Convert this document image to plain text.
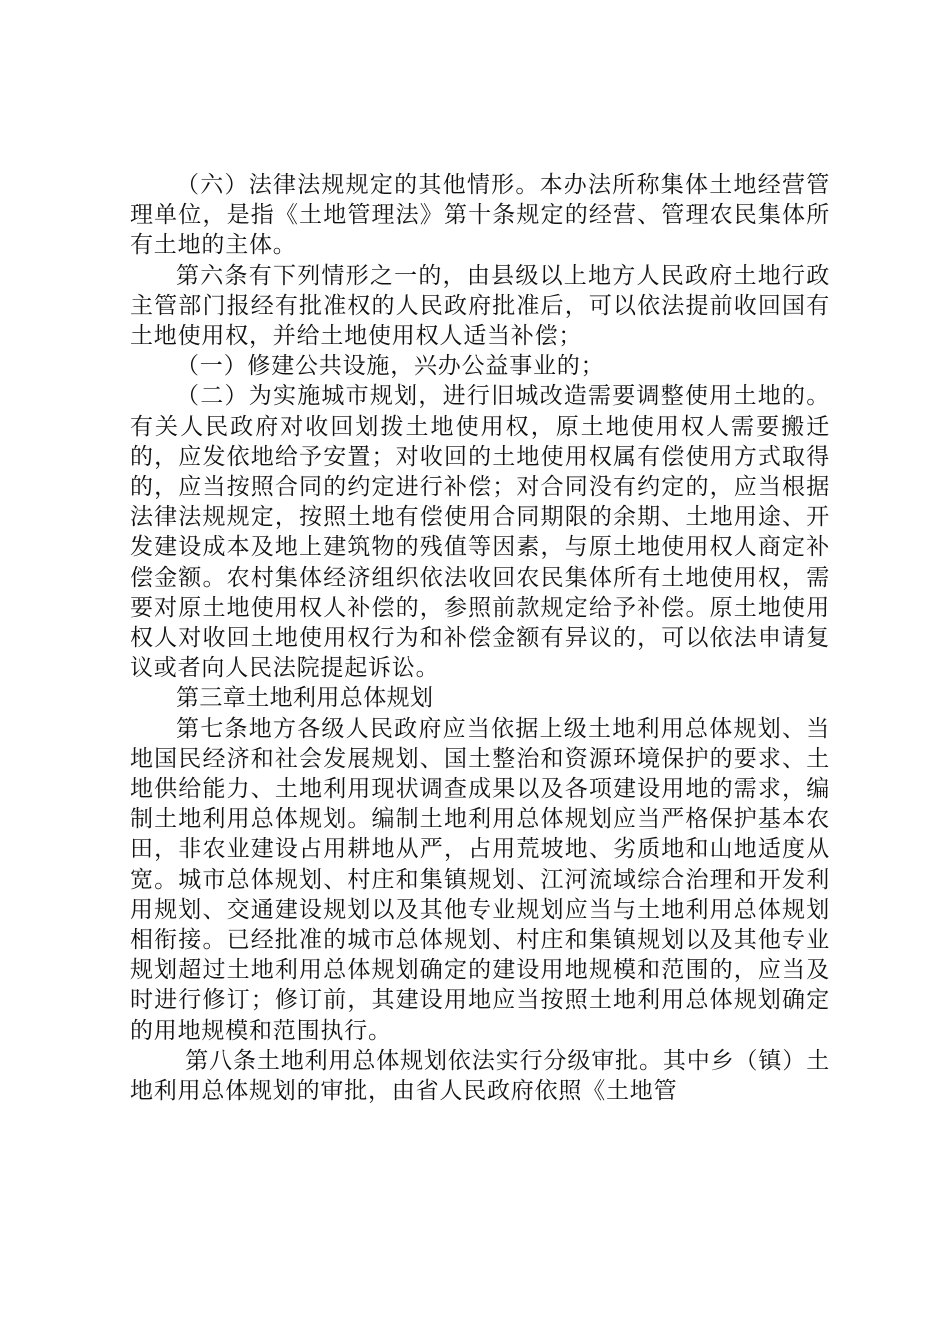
（六）法律法规规定的其他情形。本办法所称集体土地经营管理单位，是指《土地管理法》第十条规定的经营、管理农民集体所有土地的主体。

第六条有下列情形之一的，由县级以上地方人民政府土地行政主管部门报经有批准权的人民政府批准后，可以依法提前收回国有土地使用权，并给土地使用权人适当补偿；

（一）修建公共设施，兴办公益事业的；

（二）为实施城市规划，进行旧城改造需要调整使用土地的。有关人民政府对收回划拨土地使用权，原土地使用权人需要搬迁的，应发依地给予安置；对收回的土地使用权属有偿使用方式取得的，应当按照合同的约定进行补偿；对合同没有约定的，应当根据法律法规规定，按照土地有偿使用合同期限的余期、土地用途、开发建设成本及地上建筑物的残值等因素，与原土地使用权人商定补偿金额。农村集体经济组织依法收回农民集体所有土地使用权，需要对原土地使用权人补偿的，参照前款规定给予补偿。原土地使用权人对收回土地使用权行为和补偿金额有异议的，可以依法申请复议或者向人民法院提起诉讼。

第三章土地利用总体规划

第七条地方各级人民政府应当依据上级土地利用总体规划、当地国民经济和社会发展规划、国土整治和资源环境保护的要求、土地供给能力、土地利用现状调查成果以及各项建设用地的需求，编制土地利用总体规划。编制土地利用总体规划应当严格保护基本农田，非农业建设占用耕地从严，占用荒坡地、劣质地和山地适度从宽。城市总体规划、村庄和集镇规划、江河流域综合治理和开发利用规划、交通建设规划以及其他专业规划应当与土地利用总体规划相衔接。已经批准的城市总体规划、村庄和集镇规划以及其他专业规划超过土地利用总体规划确定的建设用地规模和范围的，应当及时进行修订；修订前，其建设用地应当按照土地利用总体规划确定的用地规模和范围执行。

第八条土地利用总体规划依法实行分级审批。其中乡（镇）土地利用总体规划的审批，由省人民政府依照《土地管
